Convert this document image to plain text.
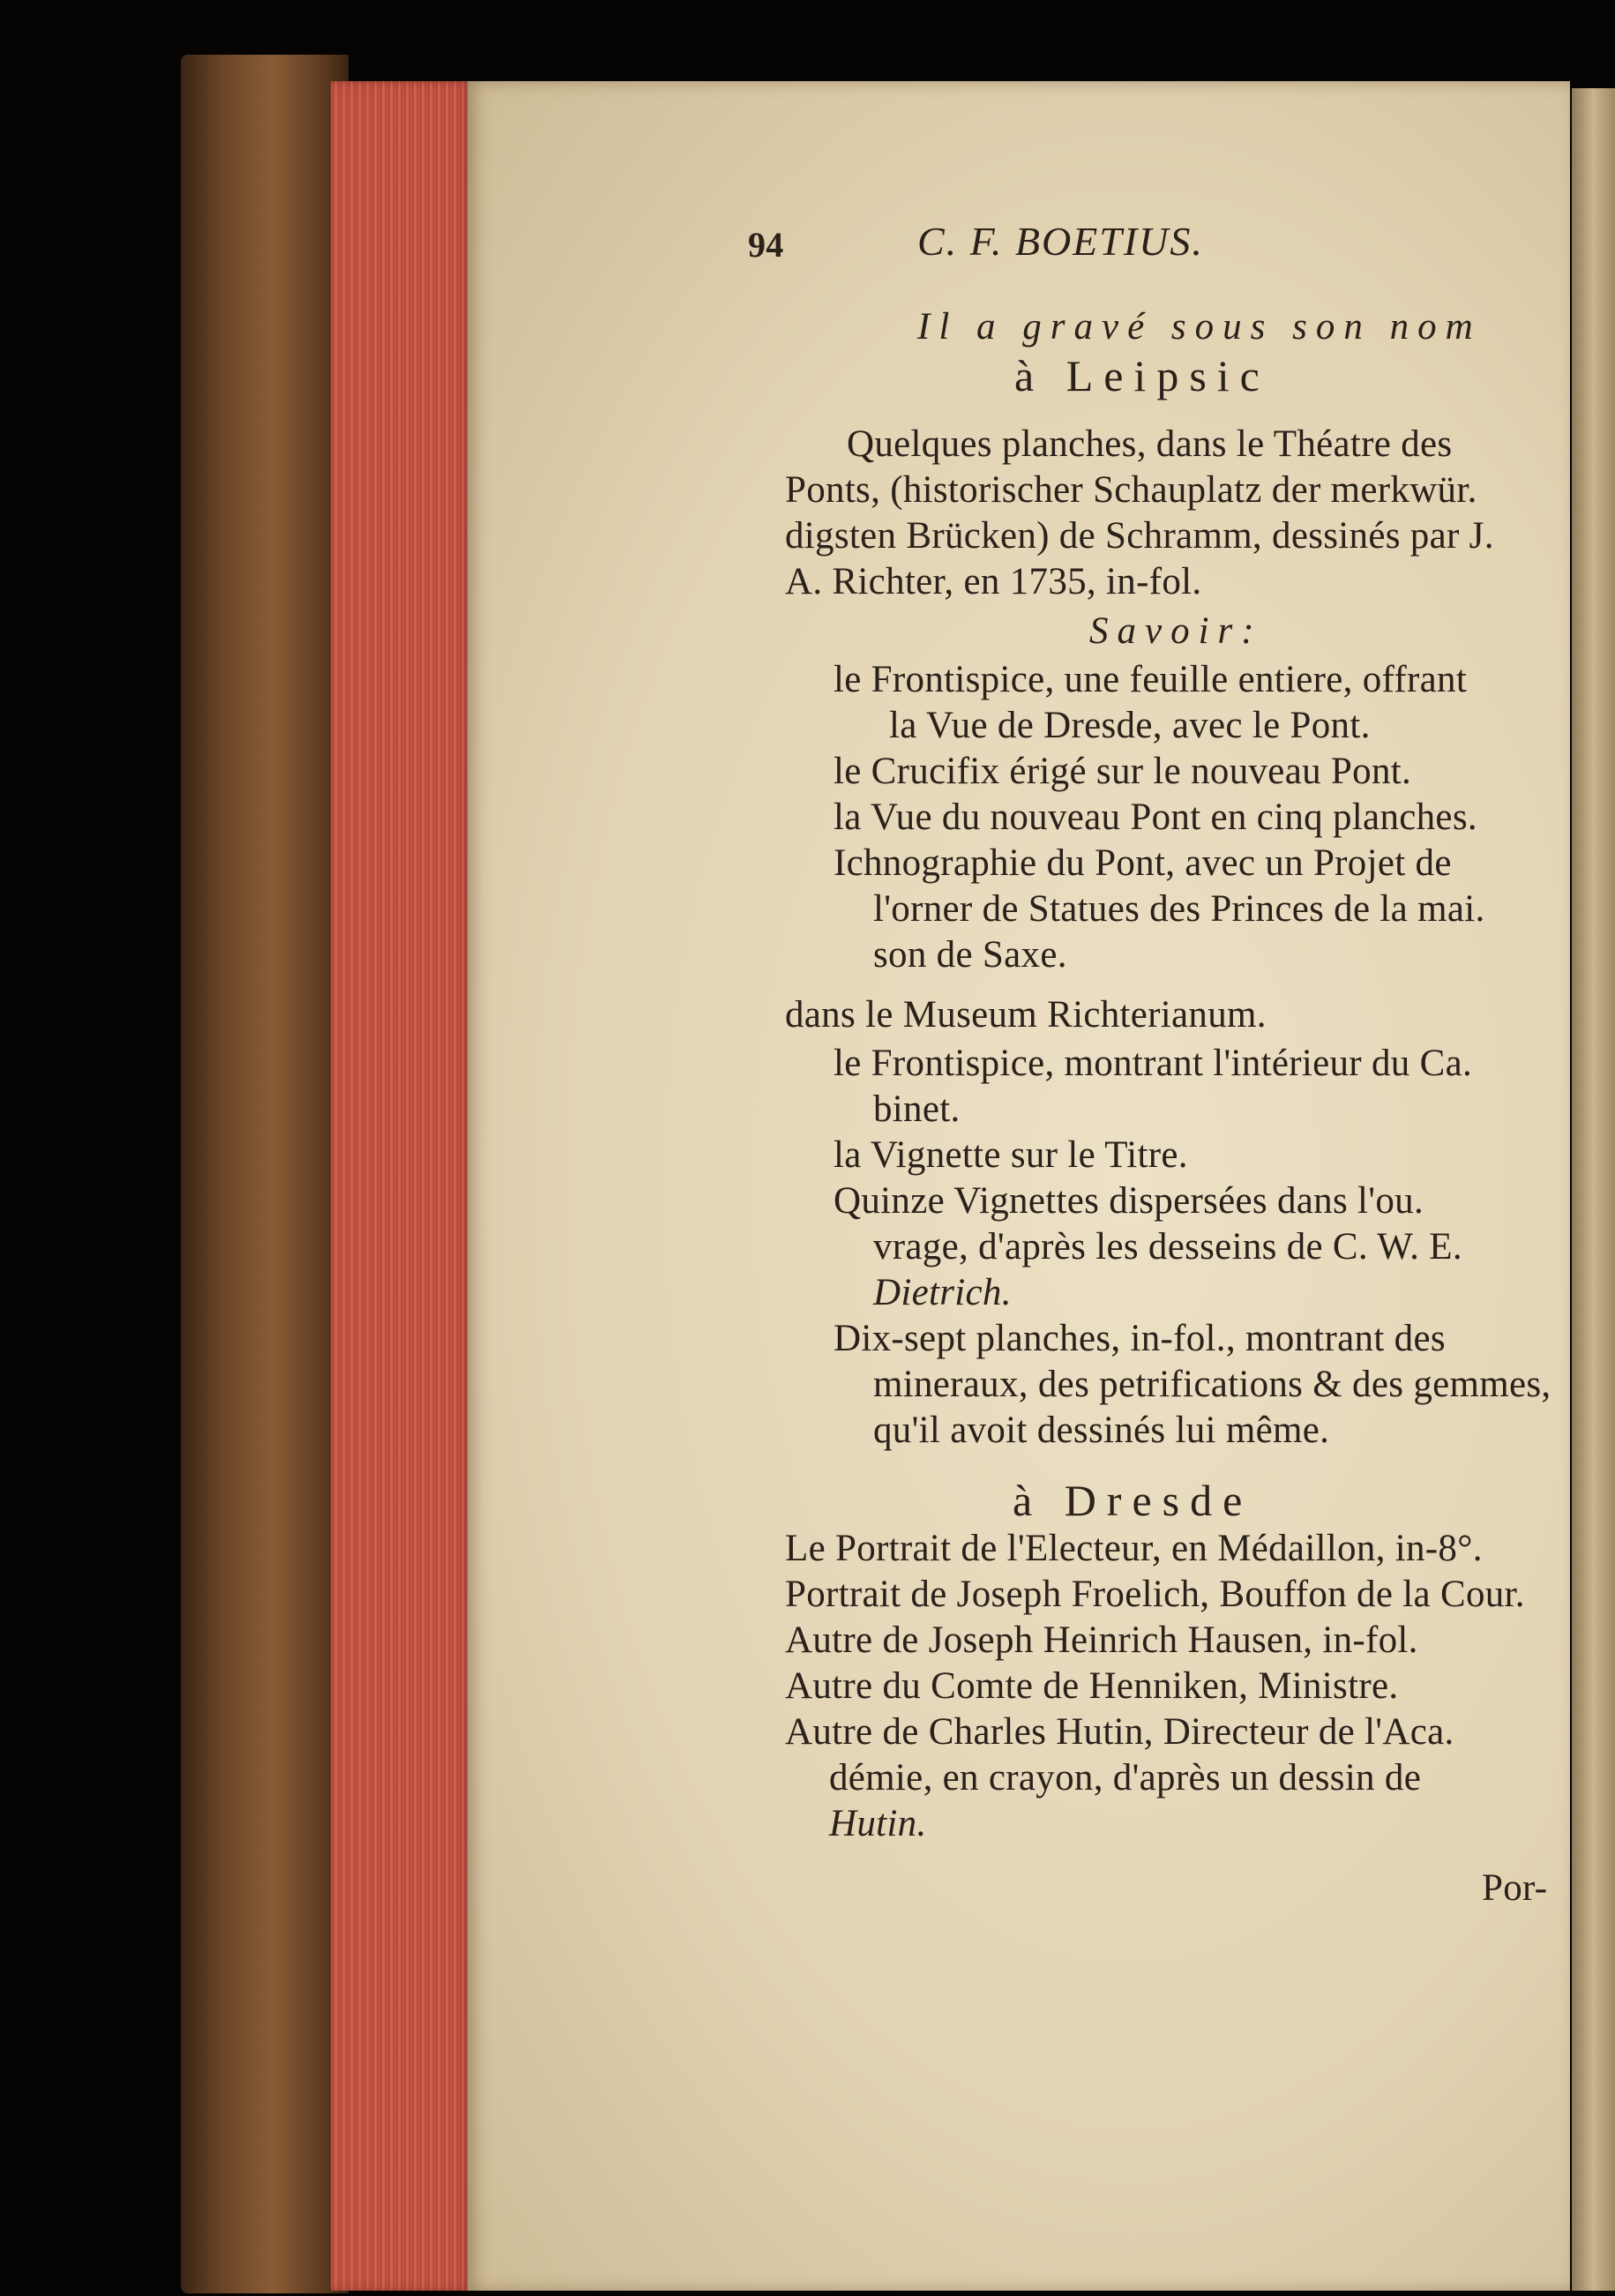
94	C. F. BOETIUS.

Il a gravé sous son nom

à Leipsic

Quelques planches, dans le Théatre des

Ponts, (historischer Schauplatz der merkwür.

digsten Brücken) de Schramm, dessinés par J.

A. Richter, en 1735, in-fol.

Savoir:

le Frontispice, une feuille entiere, offrant

la Vue de Dresde, avec le Pont.

le Crucifix érigé sur le nouveau Pont.

la Vue du nouveau Pont en cinq planches.

Ichnographie du Pont, avec un Projet de

l'orner de Statues des Princes de la mai.

son de Saxe.

dans le Museum Richterianum.

le Frontispice, montrant l'intérieur du Ca.

binet.

la Vignette sur le Titre.

Quinze Vignettes dispersées dans l'ou.

vrage, d'après les desseins de C. W. E.

Dietrich.

Dix-sept planches, in-fol., montrant des

mineraux, des petrifications & des gemmes,

qu'il avoit dessinés lui même.

à Dresde

Le Portrait de l'Electeur, en Médaillon, in-8°.

Portrait de Joseph Froelich, Bouffon de la Cour.

Autre de Joseph Heinrich Hausen, in-fol.

Autre du Comte de Henniken, Ministre.

Autre de Charles Hutin, Directeur de l'Aca.

démie, en crayon, d'après un dessin de

Hutin.

Por-
